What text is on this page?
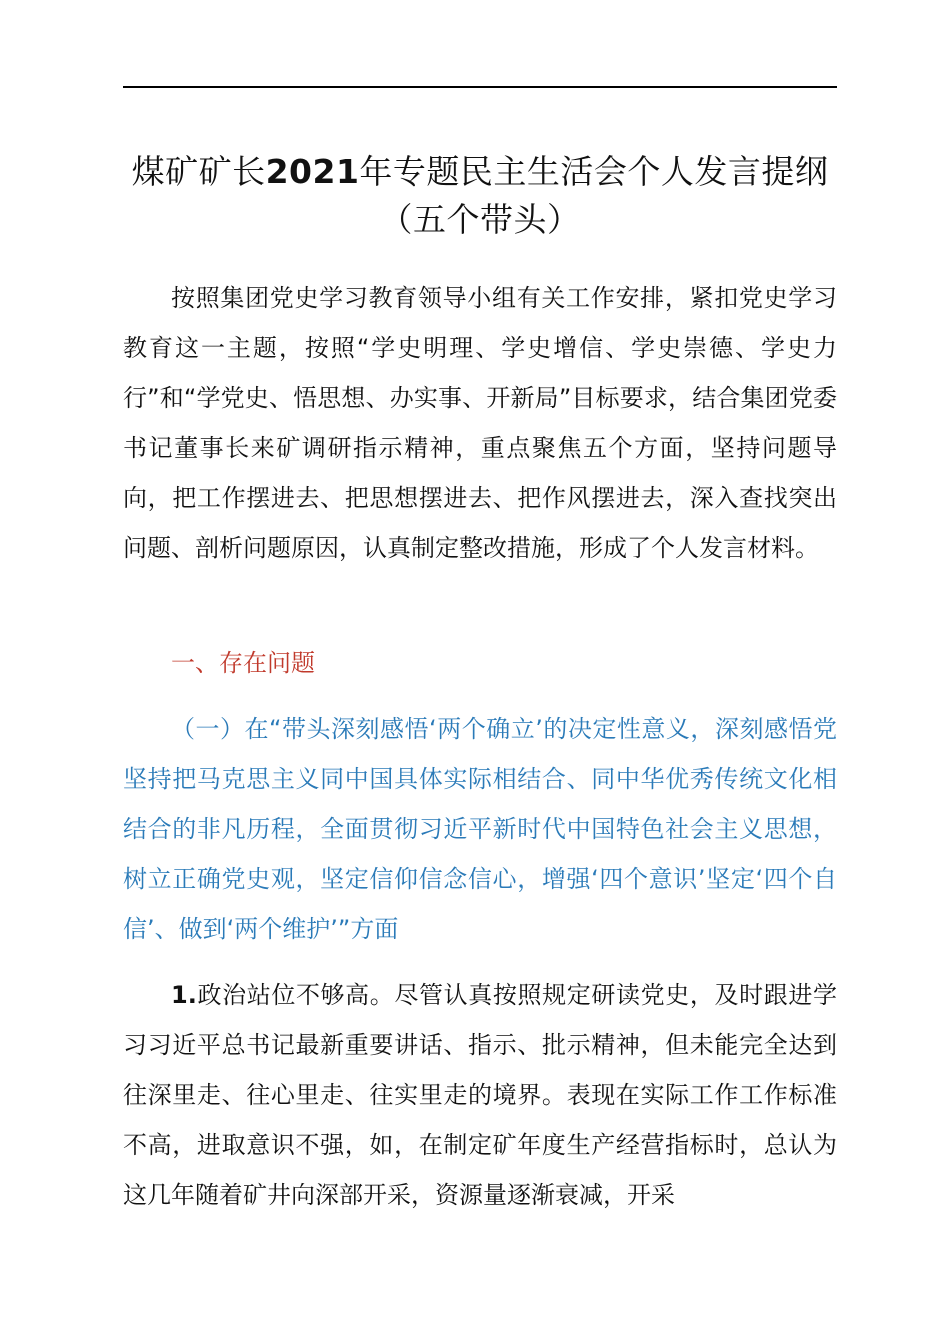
煤矿矿长2021年专题民主生活会个人发言提纲（五个带头）

按照集团党史学习教育领导小组有关工作安排，紧扣党史学习教育这一主题，按照“学史明理、学史增信、学史崇德、学史力行”和“学党史、悟思想、办实事、开新局”目标要求，结合集团党委书记董事长来矿调研指示精神，重点聚焦五个方面，坚持问题导向，把工作摆进去、把思想摆进去、把作风摆进去，深入查找突出问题、剖析问题原因，认真制定整改措施，形成了个人发言材料。

一、存在问题

（一）在“带头深刻感悟‘两个确立’的决定性意义，深刻感悟党坚持把马克思主义同中国具体实际相结合、同中华优秀传统文化相结合的非凡历程，全面贯彻习近平新时代中国特色社会主义思想，树立正确党史观，坚定信仰信念信心，增强‘四个意识’坚定‘四个自信’、做到‘两个维护’”方面

1.政治站位不够高。尽管认真按照规定研读党史，及时跟进学习习近平总书记最新重要讲话、指示、批示精神，但未能完全达到往深里走、往心里走、往实里走的境界。表现在实际工作工作标准不高，进取意识不强，如，在制定矿年度生产经营指标时，总认为这几年随着矿井向深部开采，资源量逐渐衰减，开采
